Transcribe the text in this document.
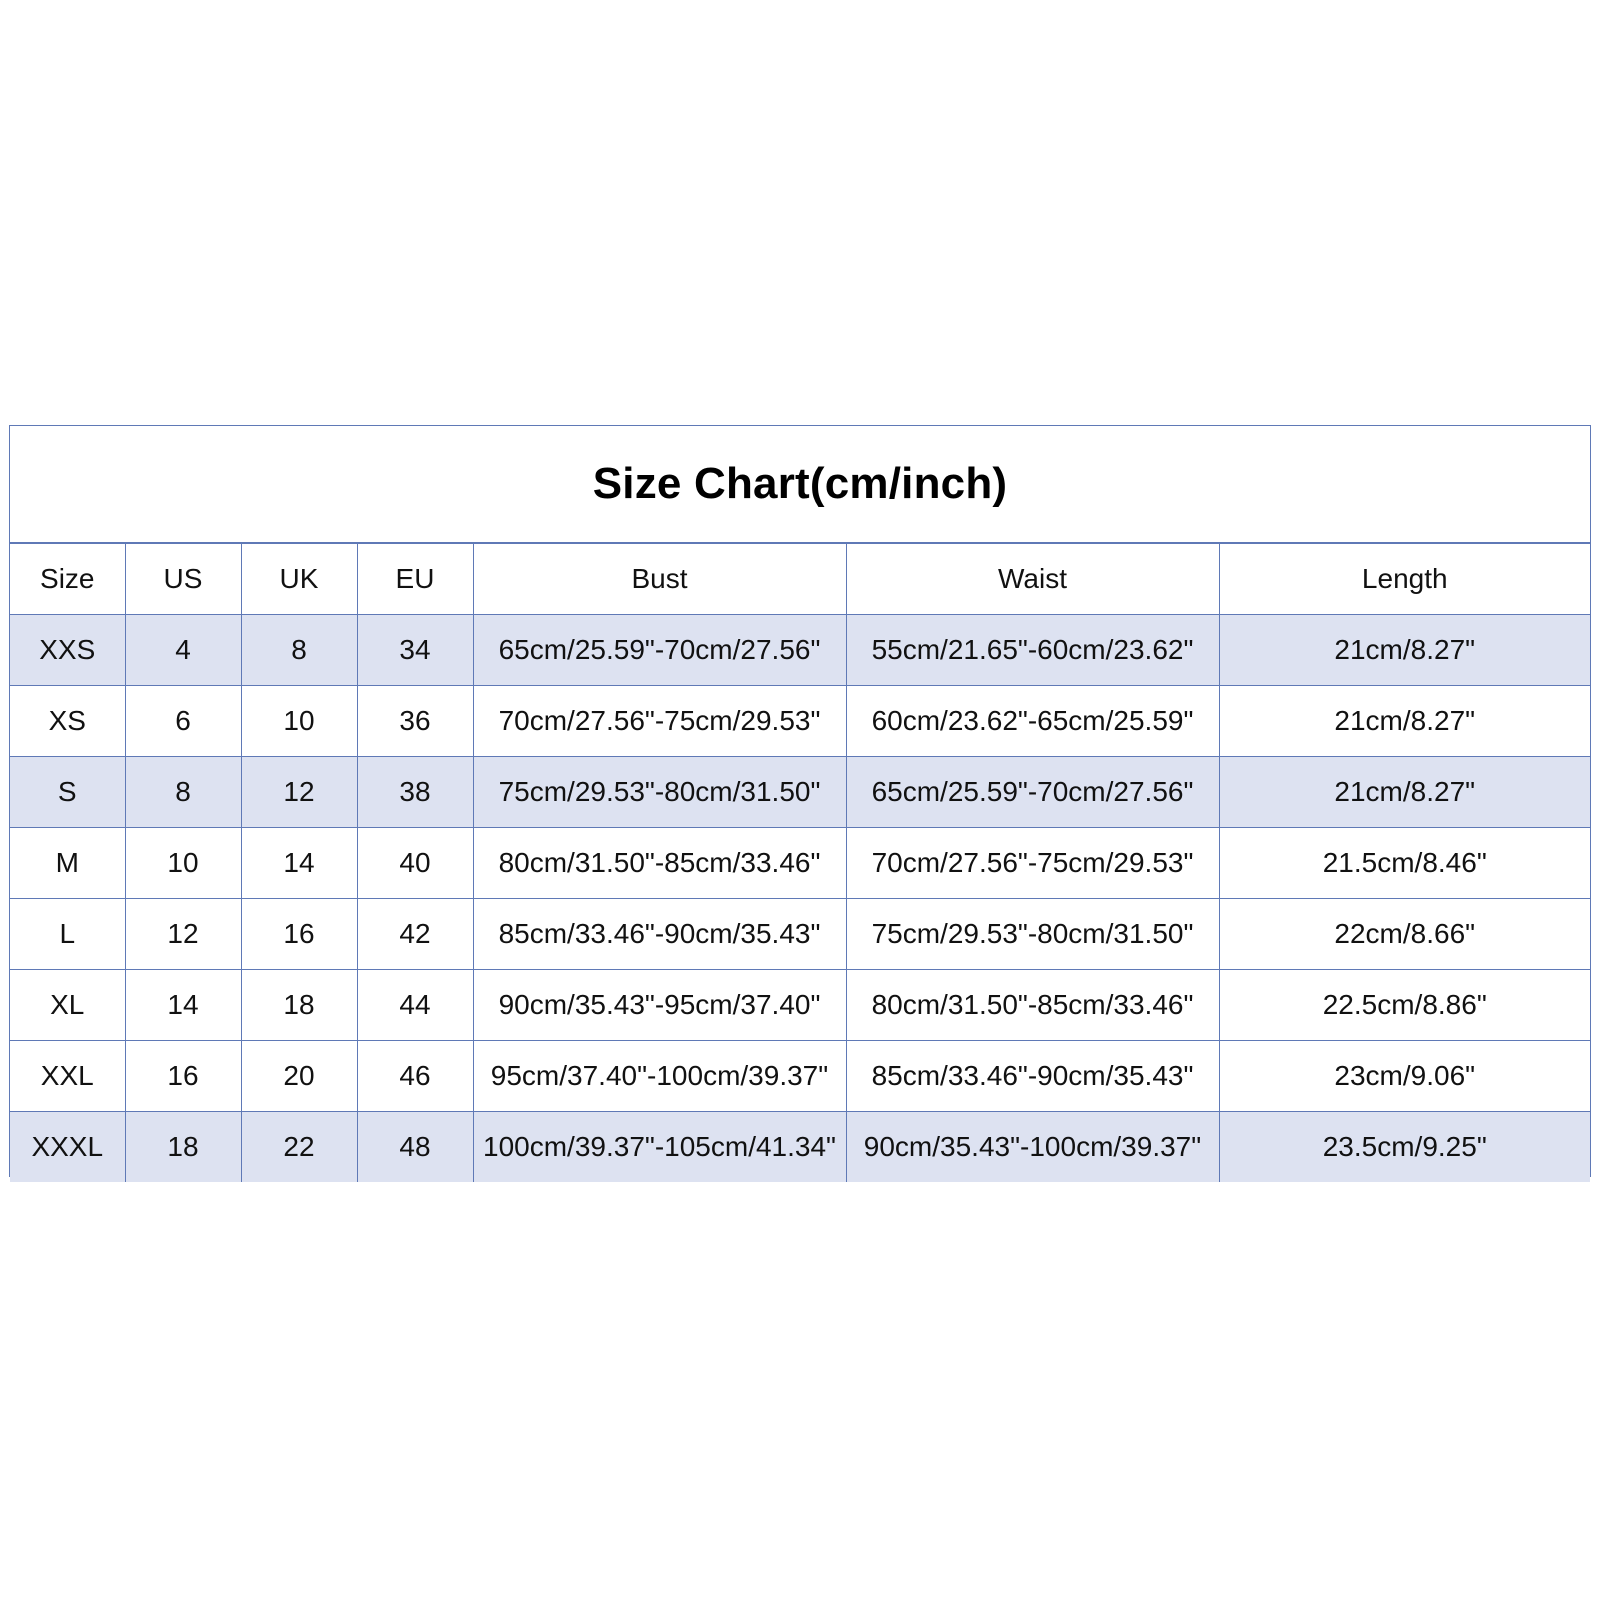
Size Chart(cm/inch)
Size	US	UK	EU	Bust	Waist	Length
XXS	4	8	34	65cm/25.59"-70cm/27.56"	55cm/21.65"-60cm/23.62"	21cm/8.27"
XS	6	10	36	70cm/27.56"-75cm/29.53"	60cm/23.62"-65cm/25.59"	21cm/8.27"
S	8	12	38	75cm/29.53"-80cm/31.50"	65cm/25.59"-70cm/27.56"	21cm/8.27"
M	10	14	40	80cm/31.50"-85cm/33.46"	70cm/27.56"-75cm/29.53"	21.5cm/8.46"
L	12	16	42	85cm/33.46"-90cm/35.43"	75cm/29.53"-80cm/31.50"	22cm/8.66"
XL	14	18	44	90cm/35.43"-95cm/37.40"	80cm/31.50"-85cm/33.46"	22.5cm/8.86"
XXL	16	20	46	95cm/37.40"-100cm/39.37"	85cm/33.46"-90cm/35.43"	23cm/9.06"
XXXL	18	22	48	100cm/39.37"-105cm/41.34"	90cm/35.43"-100cm/39.37"	23.5cm/9.25"
